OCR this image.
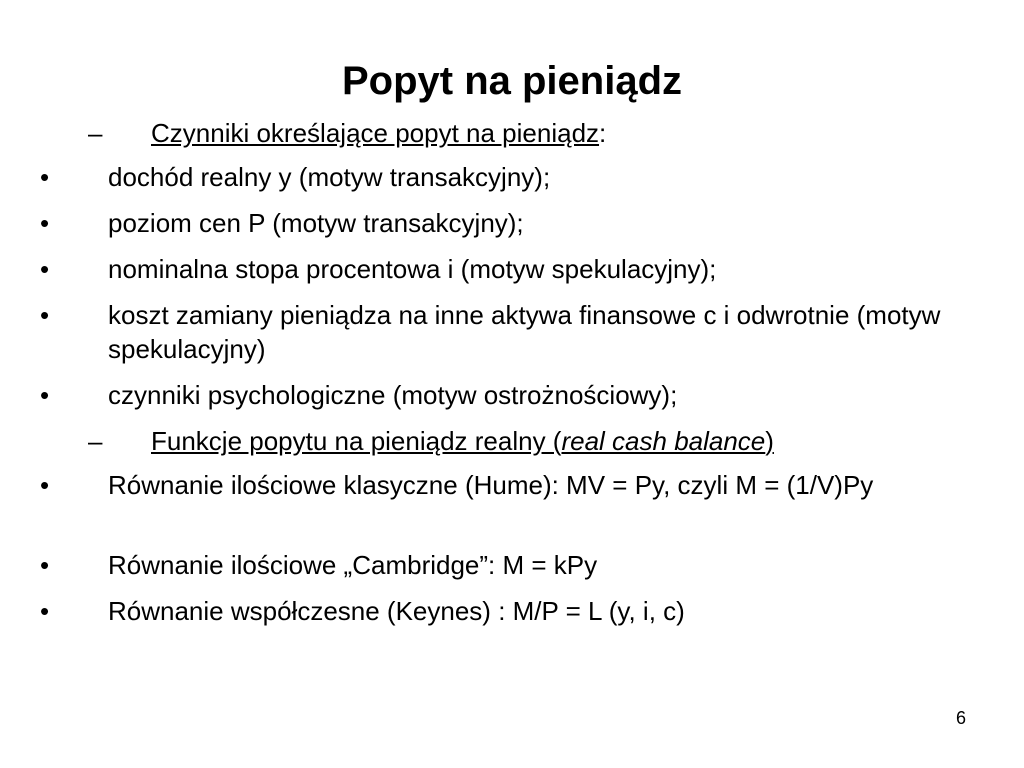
Popyt na pieniądz
– Czynniki określające popyt na pieniądz:
• dochód realny y (motyw transakcyjny);
• poziom cen P (motyw transakcyjny);
• nominalna stopa procentowa i (motyw spekulacyjny);
• koszt zamiany pieniądza na inne aktywa finansowe c i odwrotnie (motyw spekulacyjny)
• czynniki psychologiczne (motyw ostrożnościowy);
– Funkcje popytu na pieniądz realny (real cash balance)
• Równanie ilościowe klasyczne (Hume): MV = Py, czyli M = (1/V)Py
• Równanie ilościowe „Cambridge”: M = kPy
• Równanie współczesne (Keynes) : M/P = L (y, i, c)
6
